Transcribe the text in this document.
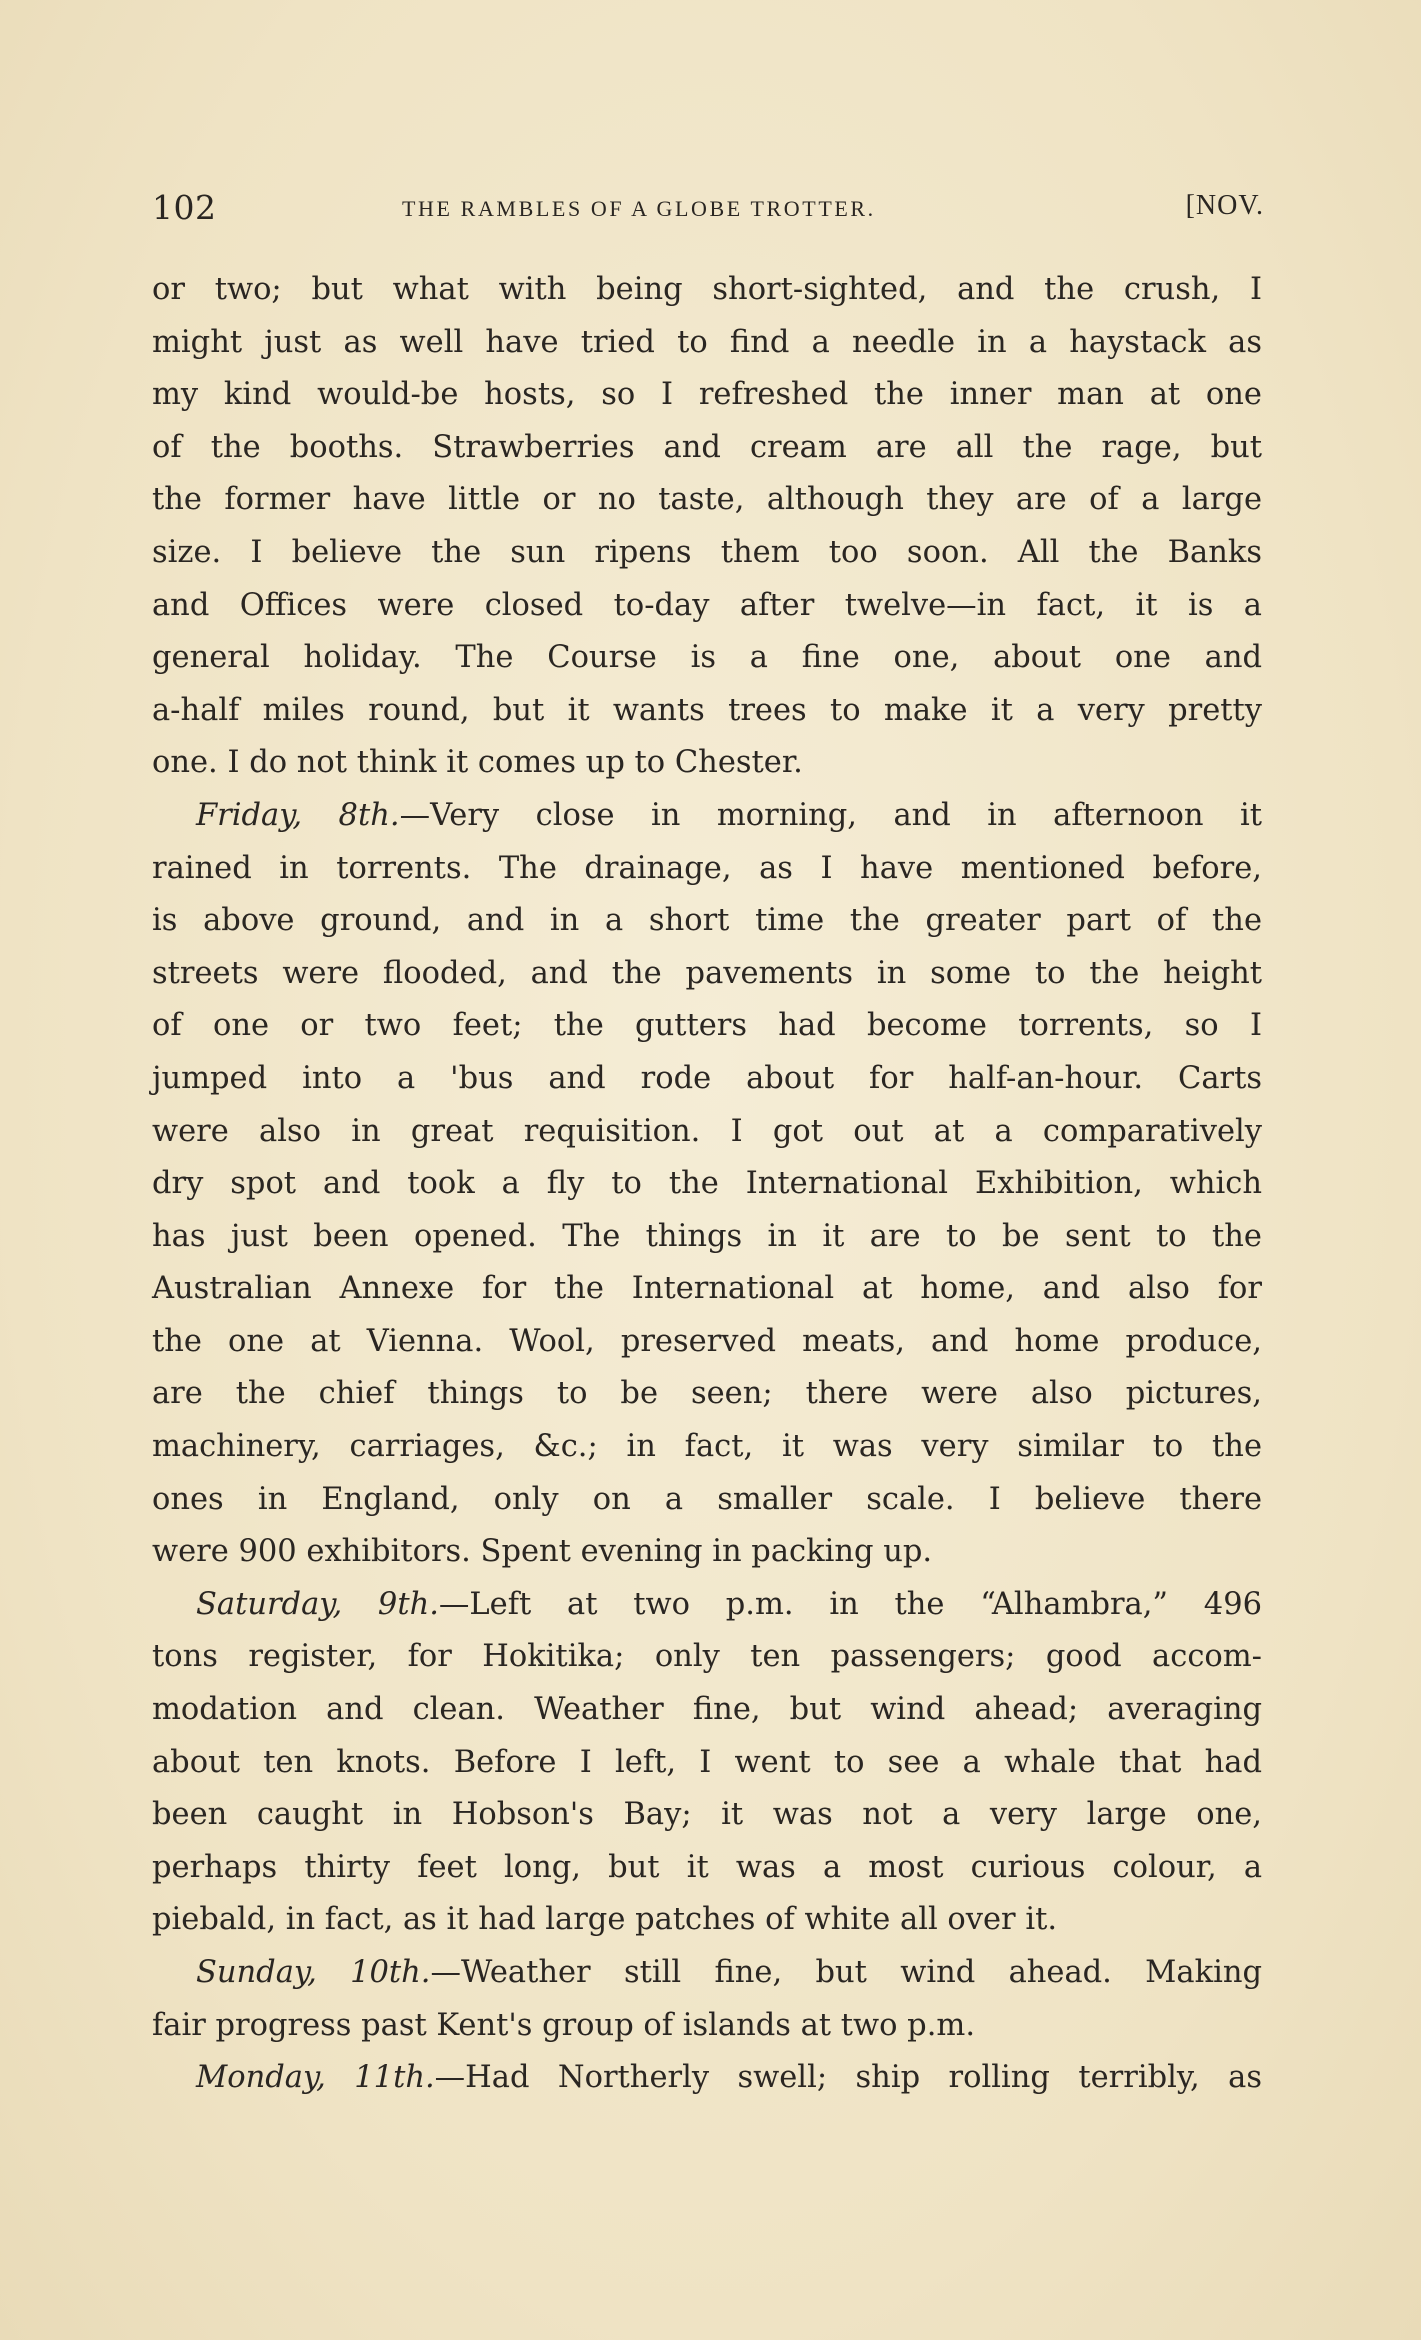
102	THE RAMBLES OF A GLOBE TROTTER.	[NOV.
or two; but what with being short-sighted, and the crush, I
might just as well have tried to find a needle in a haystack as
my kind would-be hosts, so I refreshed the inner man at one
of the booths. Strawberries and cream are all the rage, but
the former have little or no taste, although they are of a large
size. I believe the sun ripens them too soon. All the Banks
and Offices were closed to-day after twelve—in fact, it is a
general holiday. The Course is a fine one, about one and
a-half miles round, but it wants trees to make it a very pretty
one. I do not think it comes up to Chester.
Friday, 8th.—Very close in morning, and in afternoon it
rained in torrents. The drainage, as I have mentioned before,
is above ground, and in a short time the greater part of the
streets were flooded, and the pavements in some to the height
of one or two feet; the gutters had become torrents, so I
jumped into a 'bus and rode about for half-an-hour. Carts
were also in great requisition. I got out at a comparatively
dry spot and took a fly to the International Exhibition, which
has just been opened. The things in it are to be sent to the
Australian Annexe for the International at home, and also for
the one at Vienna. Wool, preserved meats, and home produce,
are the chief things to be seen; there were also pictures,
machinery, carriages, &c.; in fact, it was very similar to the
ones in England, only on a smaller scale. I believe there
were 900 exhibitors. Spent evening in packing up.
Saturday, 9th.—Left at two p.m. in the “Alhambra,” 496
tons register, for Hokitika; only ten passengers; good accom-
modation and clean. Weather fine, but wind ahead; averaging
about ten knots. Before I left, I went to see a whale that had
been caught in Hobson's Bay; it was not a very large one,
perhaps thirty feet long, but it was a most curious colour, a
piebald, in fact, as it had large patches of white all over it.
Sunday, 10th.—Weather still fine, but wind ahead. Making
fair progress past Kent's group of islands at two p.m.
Monday, 11th.—Had Northerly swell; ship rolling terribly, as
